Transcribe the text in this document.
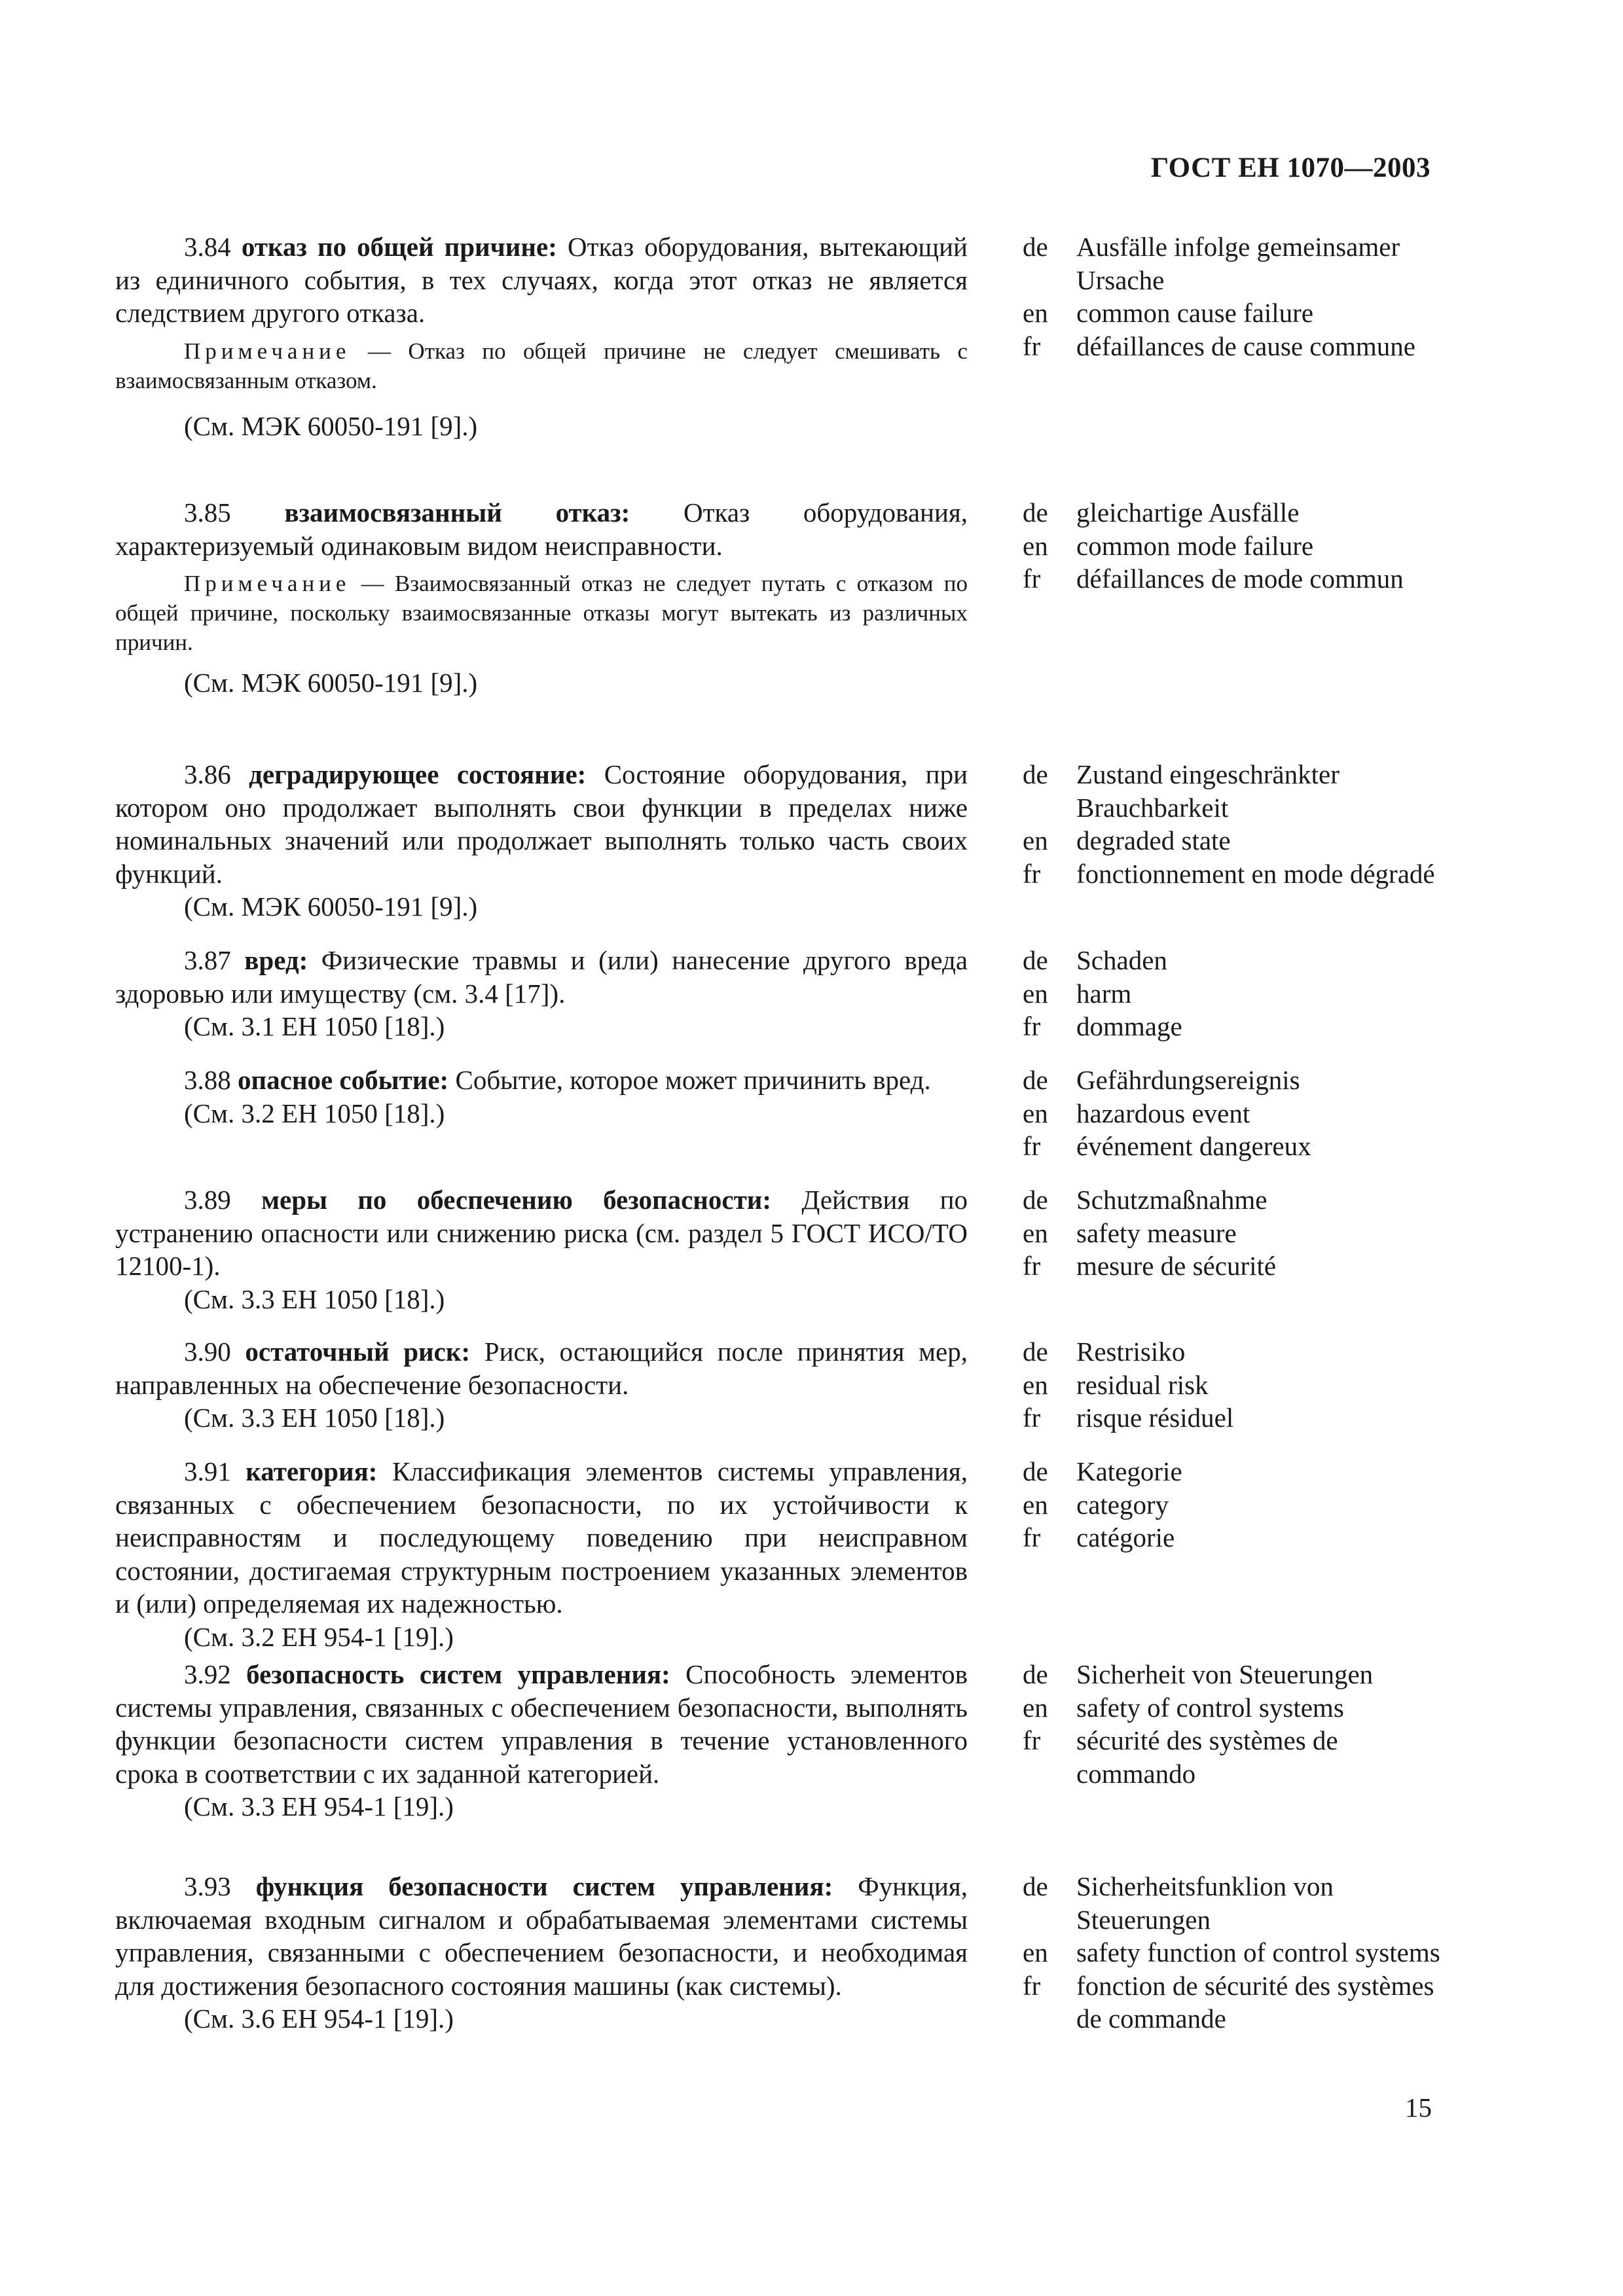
ГОСТ ЕН 1070—2003

3.84 отказ по общей причине: Отказ оборудования, вытекающий из единичного события, в тех случаях, когда этот отказ не является следствием другого отказа.

Примечание — Отказ по общей причине не следует смешивать с взаимосвязанным отказом.

(См. МЭК 60050-191 [9].)

de	Ausfälle infolge gemeinsamer Ursache
en	common cause failure
fr	défaillances de cause commune

3.85 взаимосвязанный отказ: Отказ оборудования, характеризуемый одинаковым видом неисправности.

Примечание — Взаимосвязанный отказ не следует путать с отказом по общей причине, поскольку взаимосвязанные отказы могут вытекать из различных причин.

(См. МЭК 60050-191 [9].)

de	gleichartige Ausfälle
en	common mode failure
fr	défaillances de mode commun

3.86 деградирующее состояние: Состояние оборудования, при котором оно продолжает выполнять свои функции в пределах ниже номинальных значений или продолжает выполнять только часть своих функций.

(См. МЭК 60050-191 [9].)

de	Zustand eingeschränkter Brauchbarkeit
en	degraded state
fr	fonctionnement en mode dégradé

3.87 вред: Физические травмы и (или) нанесение другого вреда здоровью или имуществу (см. 3.4 [17]).

(См. 3.1 ЕН 1050 [18].)

de	Schaden
en	harm
fr	dommage

3.88 опасное событие: Событие, которое может причинить вред.

(См. 3.2 ЕН 1050 [18].)

de	Gefährdungsereignis
en	hazardous event
fr	événement dangereux

3.89 меры по обеспечению безопасности: Действия по устранению опасности или снижению риска (см. раздел 5 ГОСТ ИСО/ТО 12100-1).

(См. 3.3 ЕН 1050 [18].)

de	Schutzmaßnahme
en	safety measure
fr	mesure de sécurité

3.90 остаточный риск: Риск, остающийся после принятия мер, направленных на обеспечение безопасности.

(См. 3.3 ЕН 1050 [18].)

de	Restrisiko
en	residual risk
fr	risque résiduel

3.91 категория: Классификация элементов системы управления, связанных с обеспечением безопасности, по их устойчивости к неисправностям и последующему поведению при неисправном состоянии, достигаемая структурным построением указанных элементов и (или) определяемая их надежностью.

(См. 3.2 ЕН 954-1 [19].)

de	Kategorie
en	category
fr	catégorie

3.92 безопасность систем управления: Способность элементов системы управления, связанных с обеспечением безопасности, выполнять функции безопасности систем управления в течение установленного срока в соответствии с их заданной категорией.

(См. 3.3 ЕН 954-1 [19].)

de	Sicherheit von Steuerungen
en	safety of control systems
fr	sécurité des systèmes de commando

3.93 функция безопасности систем управления: Функция, включаемая входным сигналом и обрабатываемая элементами системы управления, связанными с обеспечением безопасности, и необходимая для достижения безопасного состояния машины (как системы).

(См. 3.6 ЕН 954-1 [19].)

de	Sicherheitsfunklion von Steuerungen
en	safety function of control systems
fr	fonction de sécurité des systèmes de commande
15
